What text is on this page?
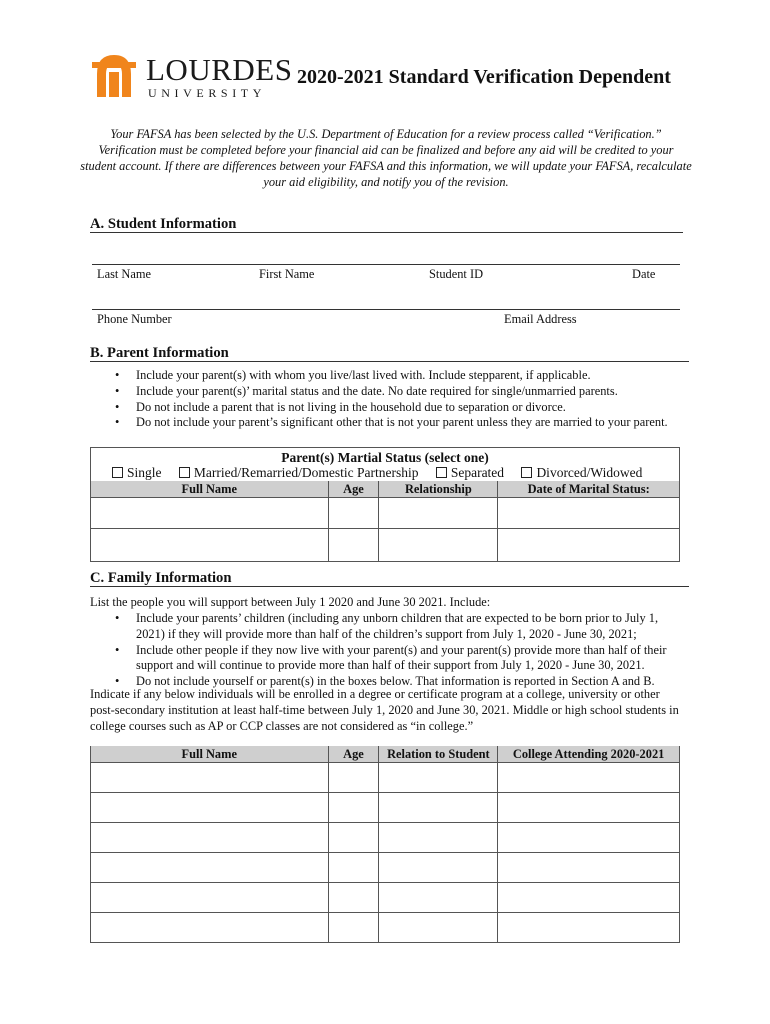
LOURDES
UNIVERSITY
2020-2021 Standard Verification Dependent
Your FAFSA has been selected by the U.S. Department of Education for a review process called “Verification.” Verification must be completed before your financial aid can be finalized and before any aid will be credited to your student account. If there are differences between your FAFSA and this information, we will update your FAFSA, recalculate your aid eligibility, and notify you of the revision.
A. Student Information
Last Name	First Name	Student ID	Date
Phone Number	Email Address
B. Parent Information
• Include your parent(s) with whom you live/last lived with. Include stepparent, if applicable.
• Include your parent(s)’ marital status and the date. No date required for single/unmarried parents.
• Do not include a parent that is not living in the household due to separation or divorce.
• Do not include your parent’s significant other that is not your parent unless they are married to your parent.
Parent(s) Martial Status (select one)
Single Married/Remarried/Domestic Partnership Separated Divorced/Widowed
Full Name	Age	Relationship	Date of Marital Status:

C. Family Information
List the people you will support between July 1 2020 and June 30 2021. Include:
• Include your parents’ children (including any unborn children that are expected to be born prior to July 1, 2021) if they will provide more than half of the children’s support from July 1, 2020 - June 30, 2021;
• Include other people if they now live with your parent(s) and your parent(s) provide more than half of their support and will continue to provide more than half of their support from July 1, 2020 - June 30, 2021.
• Do not include yourself or parent(s) in the boxes below. That information is reported in Section A and B.
Indicate if any below individuals will be enrolled in a degree or certificate program at a college, university or other post-secondary institution at least half-time between July 1, 2020 and June 30, 2021. Middle or high school students in college courses such as AP or CCP classes are not considered as “in college.”
Full Name	Age	Relation to Student	College Attending 2020-2021
